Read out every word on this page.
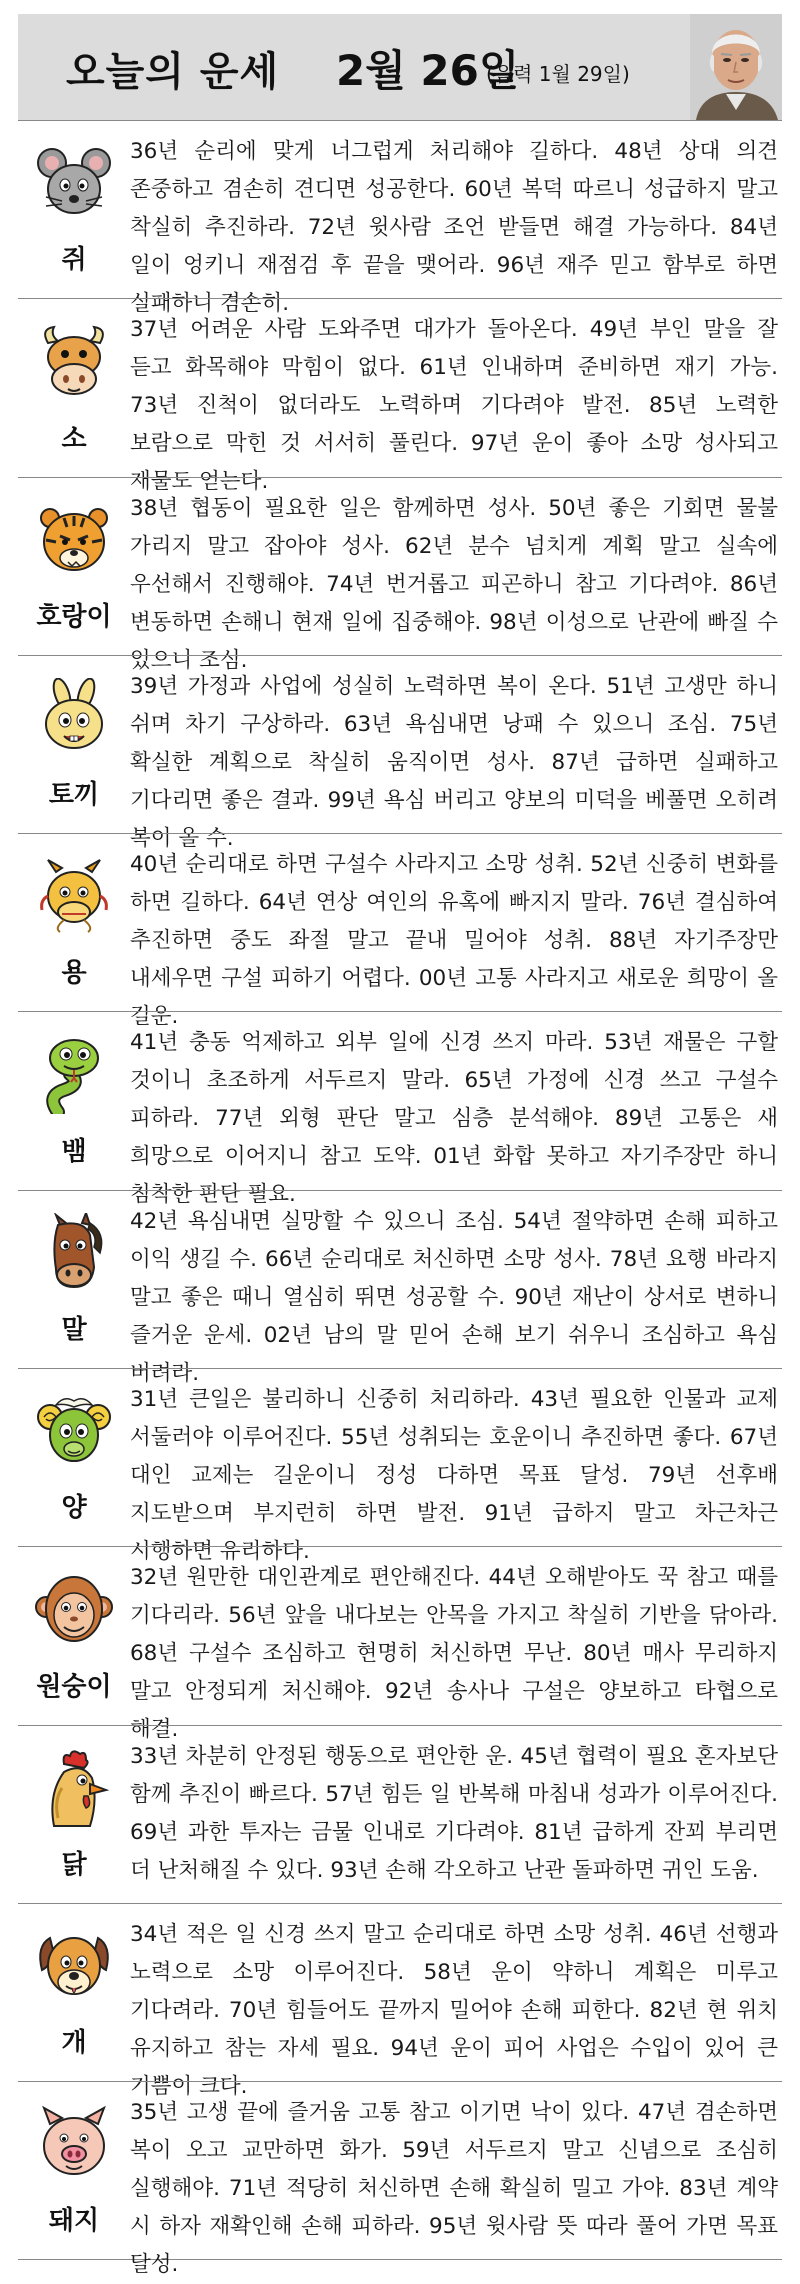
오늘의 운세 2월 26일
(음력 1월 29일)
쥐
36년 순리에 맞게 너그럽게 처리해야 길하다. 48년 상대 의견 존중하고 겸손히 견디면 성공한다. 60년 복덕 따르니 성급하지 말고 착실히 추진하라. 72년 윗사람 조언 받들면 해결 가능하다. 84년 일이 엉키니 재점검 후 끝을 맺어라. 96년 재주 믿고 함부로 하면 실패하니 겸손히.
소
37년 어려운 사람 도와주면 대가가 돌아온다. 49년 부인 말을 잘 듣고 화목해야 막힘이 없다. 61년 인내하며 준비하면 재기 가능. 73년 진척이 없더라도 노력하며 기다려야 발전. 85년 노력한 보람으로 막힌 것 서서히 풀린다. 97년 운이 좋아 소망 성사되고 재물도 얻는다.
호랑이
38년 협동이 필요한 일은 함께하면 성사. 50년 좋은 기회면 물불 가리지 말고 잡아야 성사. 62년 분수 넘치게 계획 말고 실속에 우선해서 진행해야. 74년 번거롭고 피곤하니 참고 기다려야. 86년 변동하면 손해니 현재 일에 집중해야. 98년 이성으로 난관에 빠질 수 있으니 조심.
토끼
39년 가정과 사업에 성실히 노력하면 복이 온다. 51년 고생만 하니 쉬며 차기 구상하라. 63년 욕심내면 낭패 수 있으니 조심. 75년 확실한 계획으로 착실히 움직이면 성사. 87년 급하면 실패하고 기다리면 좋은 결과. 99년 욕심 버리고 양보의 미덕을 베풀면 오히려 복이 올 수.
용
40년 순리대로 하면 구설수 사라지고 소망 성취. 52년 신중히 변화를 하면 길하다. 64년 연상 여인의 유혹에 빠지지 말라. 76년 결심하여 추진하면 중도 좌절 말고 끝내 밀어야 성취. 88년 자기주장만 내세우면 구설 피하기 어렵다. 00년 고통 사라지고 새로운 희망이 올 길운.
뱀
41년 충동 억제하고 외부 일에 신경 쓰지 마라. 53년 재물은 구할 것이니 초조하게 서두르지 말라. 65년 가정에 신경 쓰고 구설수 피하라. 77년 외형 판단 말고 심층 분석해야. 89년 고통은 새 희망으로 이어지니 참고 도약. 01년 화합 못하고 자기주장만 하니 침착한 판단 필요.
말
42년 욕심내면 실망할 수 있으니 조심. 54년 절약하면 손해 피하고 이익 생길 수. 66년 순리대로 처신하면 소망 성사. 78년 요행 바라지 말고 좋은 때니 열심히 뛰면 성공할 수. 90년 재난이 상서로 변하니 즐거운 운세. 02년 남의 말 믿어 손해 보기 쉬우니 조심하고 욕심 버려라.
양
31년 큰일은 불리하니 신중히 처리하라. 43년 필요한 인물과 교제 서둘러야 이루어진다. 55년 성취되는 호운이니 추진하면 좋다. 67년 대인 교제는 길운이니 정성 다하면 목표 달성. 79년 선후배 지도받으며 부지런히 하면 발전. 91년 급하지 말고 차근차근 시행하면 유리하다.
원숭이
32년 원만한 대인관계로 편안해진다. 44년 오해받아도 꾹 참고 때를 기다리라. 56년 앞을 내다보는 안목을 가지고 착실히 기반을 닦아라. 68년 구설수 조심하고 현명히 처신하면 무난. 80년 매사 무리하지 말고 안정되게 처신해야. 92년 송사나 구설은 양보하고 타협으로 해결.
닭
33년 차분히 안정된 행동으로 편안한 운. 45년 협력이 필요 혼자보단 함께 추진이 빠르다. 57년 힘든 일 반복해 마침내 성과가 이루어진다. 69년 과한 투자는 금물 인내로 기다려야. 81년 급하게 잔꾀 부리면 더 난처해질 수 있다. 93년 손해 각오하고 난관 돌파하면 귀인 도움.
개
34년 적은 일 신경 쓰지 말고 순리대로 하면 소망 성취. 46년 선행과 노력으로 소망 이루어진다. 58년 운이 약하니 계획은 미루고 기다려라. 70년 힘들어도 끝까지 밀어야 손해 피한다. 82년 현 위치 유지하고 참는 자세 필요. 94년 운이 피어 사업은 수입이 있어 큰 기쁨이 크다.
돼지
35년 고생 끝에 즐거움 고통 참고 이기면 낙이 있다. 47년 겸손하면 복이 오고 교만하면 화가. 59년 서두르지 말고 신념으로 조심히 실행해야. 71년 적당히 처신하면 손해 확실히 밀고 가야. 83년 계약 시 하자 재확인해 손해 피하라. 95년 윗사람 뜻 따라 풀어 가면 목표 달성.
